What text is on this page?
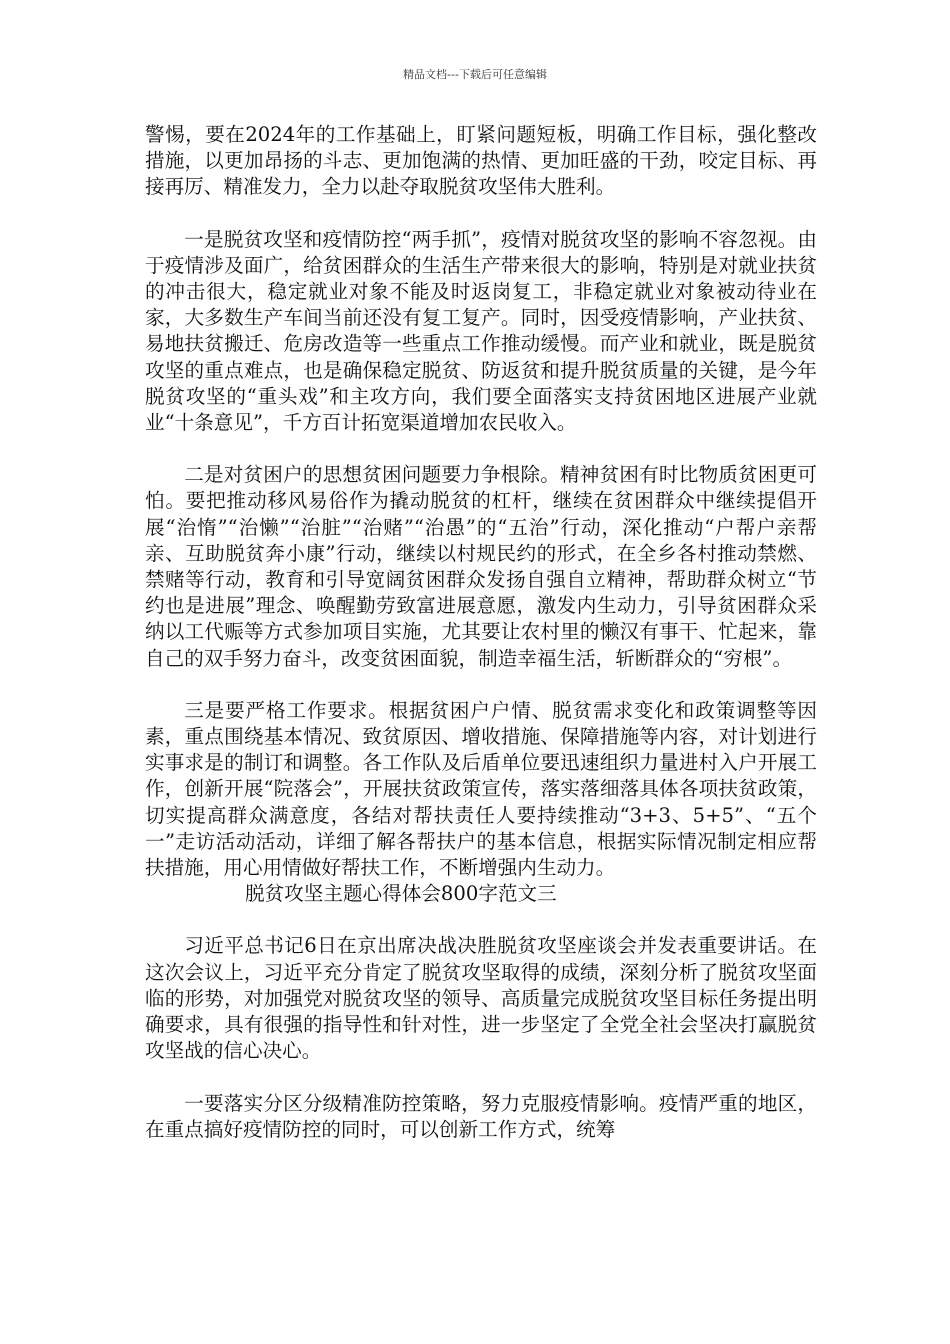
精品文档---下载后可任意编辑

警惕，要在2024年的工作基础上，盯紧问题短板，明确工作目标，强化整改措施，以更加昂扬的斗志、更加饱满的热情、更加旺盛的干劲，咬定目标、再接再厉、精准发力，全力以赴夺取脱贫攻坚伟大胜利。

一是脱贫攻坚和疫情防控“两手抓”，疫情对脱贫攻坚的影响不容忽视。由于疫情涉及面广，给贫困群众的生活生产带来很大的影响，特别是对就业扶贫的冲击很大，稳定就业对象不能及时返岗复工，非稳定就业对象被动待业在家，大多数生产车间当前还没有复工复产。同时，因受疫情影响，产业扶贫、易地扶贫搬迁、危房改造等一些重点工作推动缓慢。而产业和就业，既是脱贫攻坚的重点难点，也是确保稳定脱贫、防返贫和提升脱贫质量的关键，是今年脱贫攻坚的“重头戏”和主攻方向，我们要全面落实支持贫困地区进展产业就业“十条意见”，千方百计拓宽渠道增加农民收入。

二是对贫困户的思想贫困问题要力争根除。精神贫困有时比物质贫困更可怕。要把推动移风易俗作为撬动脱贫的杠杆，继续在贫困群众中继续提倡开展“治惰”“治懒”“治脏”“治赌”“治愚”的“五治”行动，深化推动“户帮户亲帮亲、互助脱贫奔小康”行动，继续以村规民约的形式，在全乡各村推动禁燃、禁赌等行动，教育和引导宽阔贫困群众发扬自强自立精神，帮助群众树立“节约也是进展”理念、唤醒勤劳致富进展意愿，激发内生动力，引导贫困群众采纳以工代赈等方式参加项目实施，尤其要让农村里的懒汉有事干、忙起来，靠自己的双手努力奋斗，改变贫困面貌，制造幸福生活，斩断群众的“穷根”。

三是要严格工作要求。根据贫困户户情、脱贫需求变化和政策调整等因素，重点围绕基本情况、致贫原因、增收措施、保障措施等内容，对计划进行实事求是的制订和调整。各工作队及后盾单位要迅速组织力量进村入户开展工作，创新开展“院落会”，开展扶贫政策宣传，落实落细落具体各项扶贫政策，切实提高群众满意度，各结对帮扶责任人要持续推动“3+3、5+5”、“五个一”走访活动活动，详细了解各帮扶户的基本信息，根据实际情况制定相应帮扶措施，用心用情做好帮扶工作，不断增强内生动力。

脱贫攻坚主题心得体会800字范文三

习近平总书记6日在京出席决战决胜脱贫攻坚座谈会并发表重要讲话。在这次会议上，习近平充分肯定了脱贫攻坚取得的成绩，深刻分析了脱贫攻坚面临的形势，对加强党对脱贫攻坚的领导、高质量完成脱贫攻坚目标任务提出明确要求，具有很强的指导性和针对性，进一步坚定了全党全社会坚决打赢脱贫攻坚战的信心决心。

一要落实分区分级精准防控策略，努力克服疫情影响。疫情严重的地区，在重点搞好疫情防控的同时，可以创新工作方式，统筹
